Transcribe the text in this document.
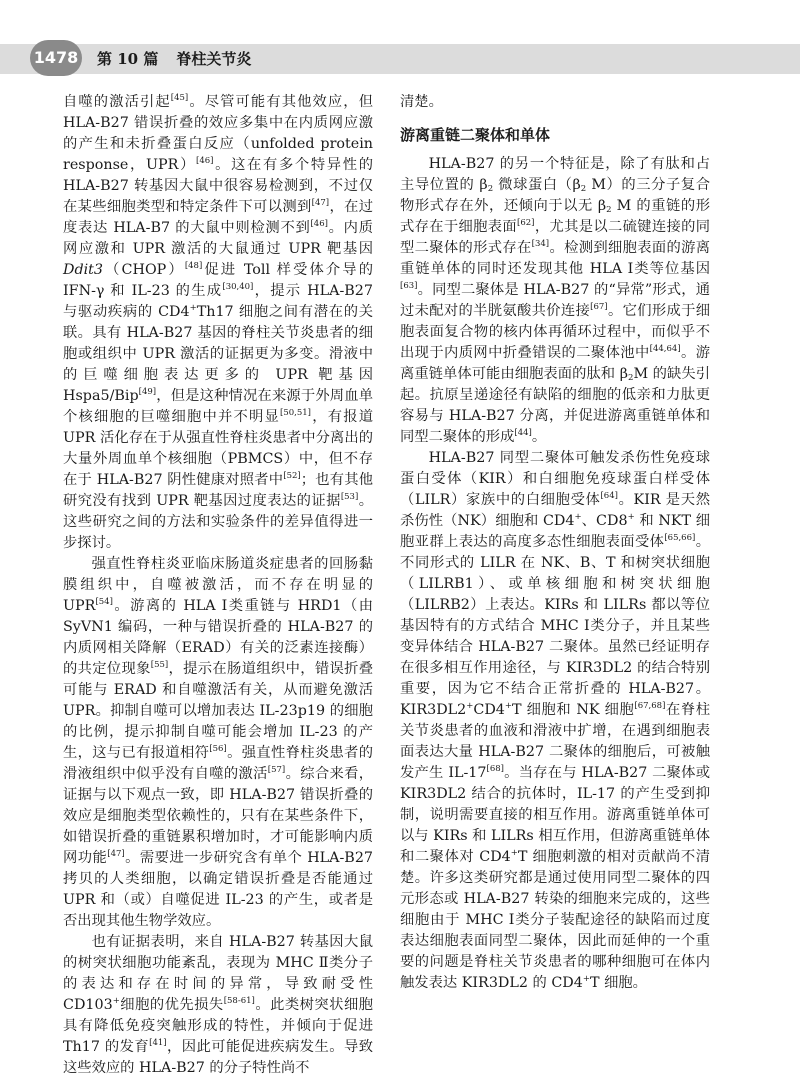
1478 第 10 篇 脊柱关节炎

自噬的激活引起[45]。尽管可能有其他效应，但 HLA-B27 错误折叠的效应多集中在内质网应激的产生和未折叠蛋白反应（unfolded protein response，UPR）[46]。这在有多个特异性的 HLA-B27 转基因大鼠中很容易检测到，不过仅在某些细胞类型和特定条件下可以测到[47]，在过度表达 HLA-B7 的大鼠中则检测不到[46]。内质网应激和 UPR 激活的大鼠通过 UPR 靶基因Ddit3（CHOP）[48]促进 Toll 样受体介导的 IFN-γ 和 IL-23 的生成[30,40]，提示 HLA-B27 与驱动疾病的 CD4+Th17 细胞之间有潜在的关联。具有 HLA-B27 基因的脊柱关节炎患者的细胞或组织中 UPR 激活的证据更为多变。滑液中的巨噬细胞表达更多的 UPR 靶基因 Hspa5/Bip[49]，但是这种情况在来源于外周血单个核细胞的巨噬细胞中并不明显[50,51]，有报道 UPR 活化存在于从强直性脊柱炎患者中分离出的大量外周血单个核细胞（PBMCS）中，但不存在于 HLA-B27 阴性健康对照者中[52]；也有其他研究没有找到 UPR 靶基因过度表达的证据[53]。这些研究之间的方法和实验条件的差异值得进一步探讨。

强直性脊柱炎亚临床肠道炎症患者的回肠黏膜组织中，自噬被激活，而不存在明显的 UPR[54]。游离的 HLA Ⅰ类重链与 HRD1（由 SyVN1 编码，一种与错误折叠的 HLA-B27 的内质网相关降解（ERAD）有关的泛素连接酶）的共定位现象[55]，提示在肠道组织中，错误折叠可能与 ERAD 和自噬激活有关，从而避免激活 UPR。抑制自噬可以增加表达 IL-23p19 的细胞的比例，提示抑制自噬可能会增加 IL-23 的产生，这与已有报道相符[56]。强直性脊柱炎患者的滑液组织中似乎没有自噬的激活[57]。综合来看，证据与以下观点一致，即 HLA-B27 错误折叠的效应是细胞类型依赖性的，只有在某些条件下，如错误折叠的重链累积增加时，才可能影响内质网功能[47]。需要进一步研究含有单个 HLA-B27 拷贝的人类细胞，以确定错误折叠是否能通过 UPR 和（或）自噬促进 IL-23 的产生，或者是否出现其他生物学效应。

也有证据表明，来自 HLA-B27 转基因大鼠的树突状细胞功能紊乱，表现为 MHC Ⅱ类分子的表达和存在时间的异常，导致耐受性 CD103+细胞的优先损失[58-61]。此类树突状细胞具有降低免疫突触形成的特性，并倾向于促进 Th17 的发育[41]，因此可能促进疾病发生。导致这些效应的 HLA-B27 的分子特性尚不

清楚。

游离重链二聚体和单体

HLA-B27 的另一个特征是，除了有肽和占主导位置的 $\beta_2$ 微球蛋白（$\beta_2$ M）的三分子复合物形式存在外，还倾向于以无 $\beta_2$ M 的重链的形式存在于细胞表面[62]，尤其是以二硫键连接的同型二聚体的形式存在[34]。检测到细胞表面的游离重链单体的同时还发现其他 HLA Ⅰ类等位基因[63]。同型二聚体是 HLA-B27 的“异常”形式，通过未配对的半胱氨酸共价连接[67]。它们形成于细胞表面复合物的核内体再循环过程中，而似乎不出现于内质网中折叠错误的二聚体池中[44,64]。游离重链单体可能由细胞表面的肽和 $\beta_2M$ 的缺失引起。抗原呈递途径有缺陷的细胞的低亲和力肽更容易与 HLA-B27 分离，并促进游离重链单体和同型二聚体的形成[44]。

HLA-B27 同型二聚体可触发杀伤性免疫球蛋白受体（KIR）和白细胞免疫球蛋白样受体（LILR）家族中的白细胞受体[64]。KIR 是天然杀伤性（NK）细胞和 CD4+、CD8+ 和 NKT 细胞亚群上表达的高度多态性细胞表面受体[65,66]。不同形式的 LILR 在 NK、B、T 和树突状细胞（LILRB1）、或单核细胞和树突状细胞（LILRB2）上表达。KIRs 和 LILRs 都以等位基因特有的方式结合 MHC Ⅰ类分子，并且某些变异体结合 HLA-B27 二聚体。虽然已经证明存在很多相互作用途径，与 KIR3DL2 的结合特别重要，因为它不结合正常折叠的 HLA-B27。KIR3DL2+CD4+T 细胞和 NK 细胞[67,68]在脊柱关节炎患者的血液和滑液中扩增，在遇到细胞表面表达大量 HLA-B27 二聚体的细胞后，可被触发产生 IL-17[68]。当存在与 HLA-B27 二聚体或 KIR3DL2 结合的抗体时，IL-17 的产生受到抑制，说明需要直接的相互作用。游离重链单体可以与 KIRs 和 LILRs 相互作用，但游离重链单体和二聚体对 CD4+T 细胞刺激的相对贡献尚不清楚。许多这类研究都是通过使用同型二聚体的四元形态或 HLA-B27 转染的细胞来完成的，这些细胞由于 MHC Ⅰ类分子装配途径的缺陷而过度表达细胞表面同型二聚体，因此而延伸的一个重要的问题是脊柱关节炎患者的哪种细胞可在体内触发表达 KIR3DL2 的 CD4+T 细胞。
